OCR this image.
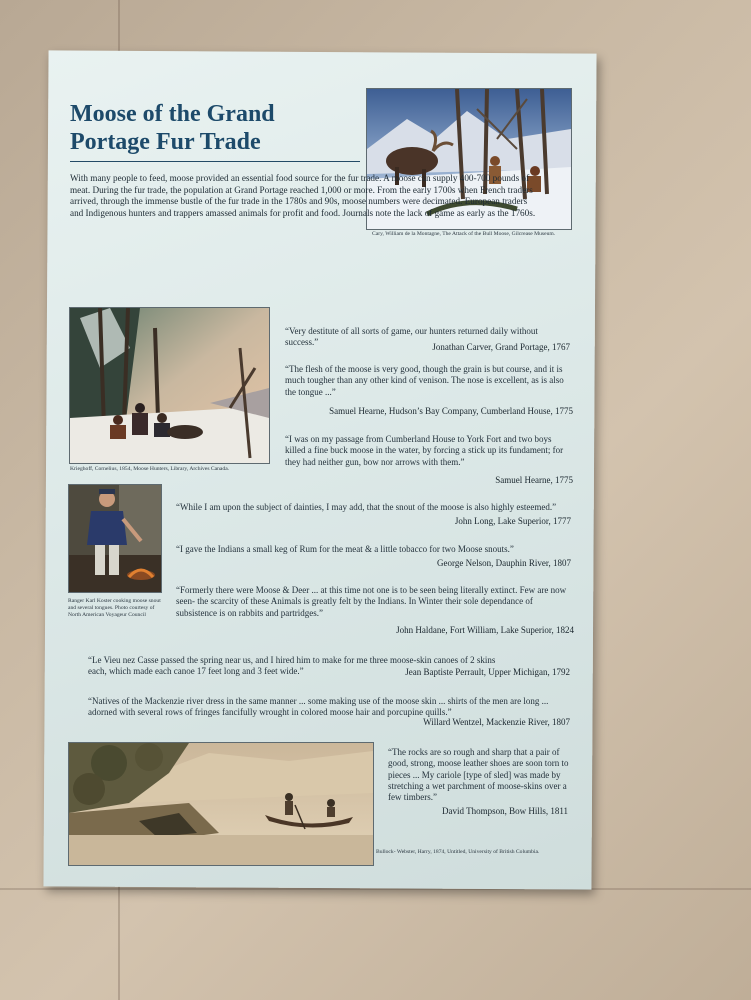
Moose of the Grand Portage Fur Trade

Cary, William de la Montagne, The Attack of the Bull Moose, Gilcrease Museum.

With many people to feed, moose provided an essential food source for the fur trade. A moose can supply 400-700 pounds of meat. During the fur trade, the population at Grand Portage reached 1,000 or more. From the early 1700s when French traders arrived, through the immense bustle of the fur trade in the 1780s and 90s, moose numbers were decimated. European traders and Indigenous hunters and trappers amassed animals for profit and food. Journals note the lack of game as early as the 1760s.

Krieghoff, Cornelius, 1854, Moose Hunters, Library, Archives Canada.

“Very destitute of all sorts of game, our hunters returned daily without success.”	Jonathan Carver, Grand Portage, 1767

“The flesh of the moose is very good, though the grain is but course, and it is much tougher than any other kind of venison. The nose is excellent, as is also the tongue ...”

Samuel Hearne, Hudson’s Bay Company, Cumberland House, 1775

“I was on my passage from Cumberland House to York Fort and two boys killed a fine buck moose in the water, by forcing a stick up its fundament; for they had neither gun, bow nor arrows with them.”

Samuel Hearne, 1775

Ranger Karl Koster cooking moose snout and several tongues. Photo courtesy of North American Voyageur Council

“While I am upon the subject of dainties, I may add, that the snout of the moose is also highly esteemed.”

John Long, Lake Superior, 1777

“I gave the Indians a small keg of Rum for the meat & a little tobacco for two Moose snouts.”

George Nelson, Dauphin River, 1807

“Formerly there were Moose & Deer ... at this time not one is to be seen being literally extinct. Few are now seen- the scarcity of these Animals is greatly felt by the Indians. In Winter their sole dependance of subsistence is on rabbits and partridges.”

John Haldane, Fort William, Lake Superior, 1824

“Le Vieu nez Casse passed the spring near us, and I hired him to make for me three moose-skin canoes of 2 skins each, which made each canoe 17 feet long and 3 feet wide.”	Jean Baptiste Perrault, Upper Michigan, 1792

“Natives of the Mackenzie river dress in the same manner ... some making use of the moose skin ... shirts of the men are long ... adorned with several rows of fringes fancifully wrought in colored moose hair and porcupine quills.”

Willard Wentzel, Mackenzie River, 1807

“The rocks are so rough and sharp that a pair of good, strong, moose leather shoes are soon torn to pieces ... My cariole [type of sled] was made by stretching a wet parchment of moose-skins over a few timbers.”

David Thompson, Bow Hills, 1811

Bullock- Webster, Harry, 1874, Untitled, University of British Columbia.
